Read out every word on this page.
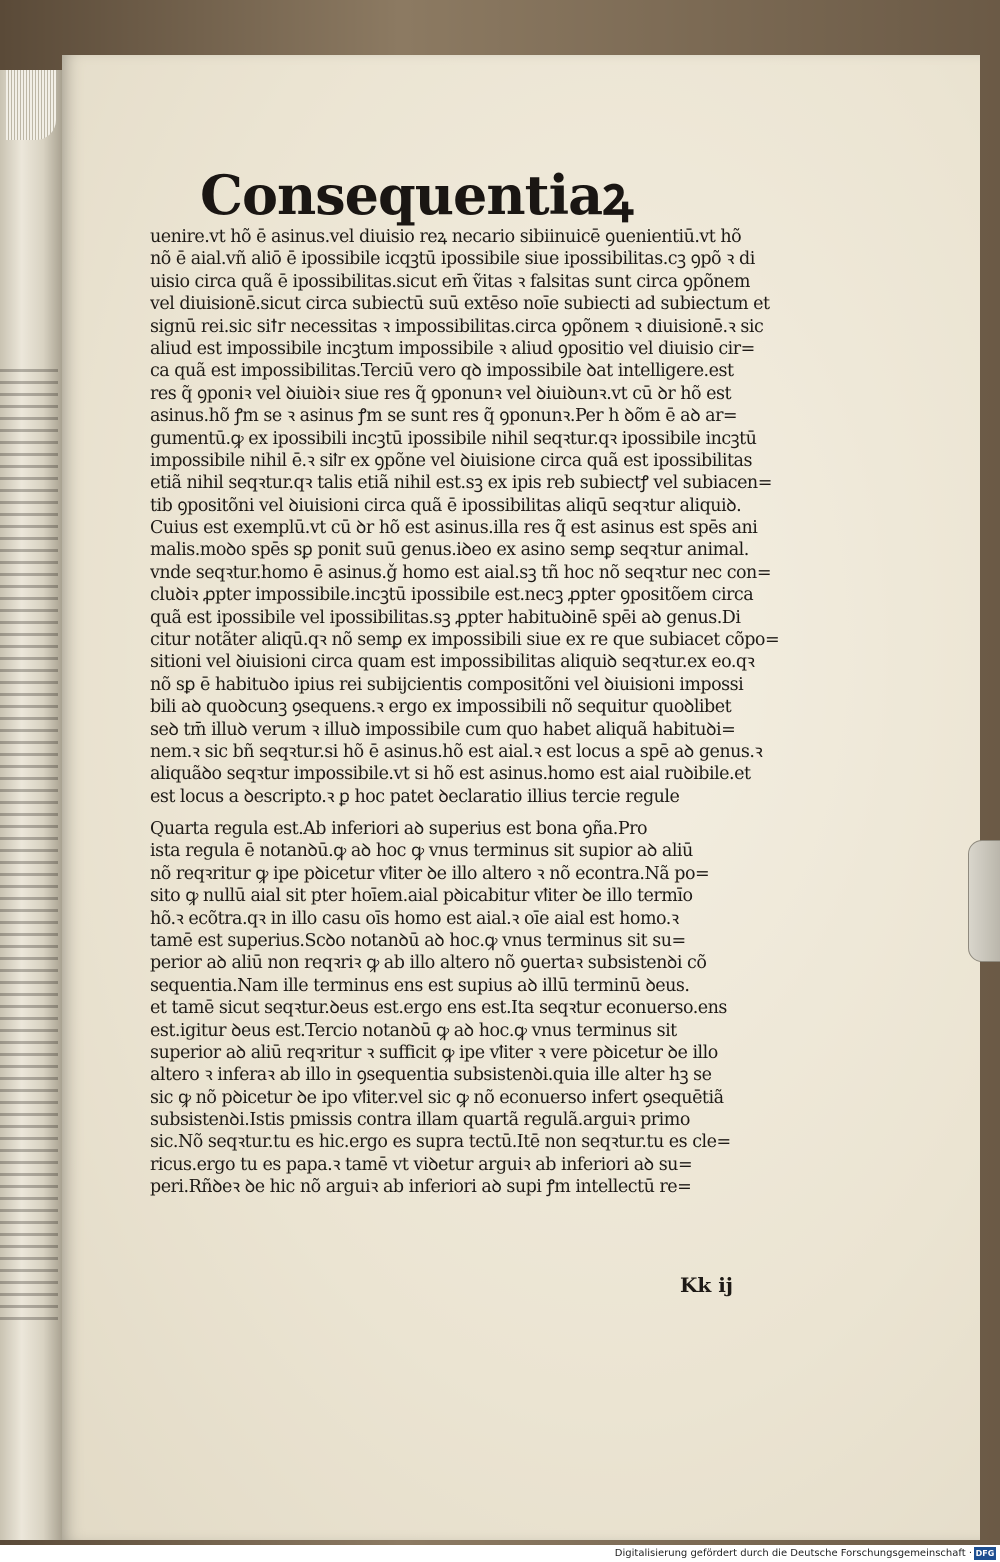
Consequentiaꝝ
uenire.vt hõ ē asinus.vel diuisio reꝝ necario sibiinuicē ꝯuenientiū.vt hõ
nõ ē aial.vñ aliō ē ipossibile icqꝫtū ipossibile siue ipossibilitas.cꝫ ꝯpõ ꝛ di
uisio circa quã ē ipossibilitas.sicut em̄ ṽitas ꝛ falsitas sunt circa ꝯpõnem
vel diuisionē.sicut circa subiectū suū extēso noīe subiecti ad subiectum et
signū rei.sic siꝉr necessitas ꝛ impossibilitas.circa ꝯpõnem ꝛ diuisionē.ꝛ sic
aliud est impossibile incꝫtum impossibile ꝛ aliud ꝯpositio vel diuisio cir=
ca quã est impossibilitas.Terciū vero qꝺ impossibile ꝺat intelligere.est
res q̃ ꝯponiꝛ vel ꝺiuiꝺiꝛ siue res q̃ ꝯponunꝛ vel ꝺiuiꝺunꝛ.vt cū ꝺr hõ est
asinus.hõ ꝭm se ꝛ asinus ꝭm se sunt res q̃ ꝯponunꝛ.Per h ꝺõm ē aꝺ ar=
gumentū.ꝙ ex ipossibili incꝫtū ipossibile nihil seqꝛtur.qꝛ ipossibile incꝫtū
impossibile nihil ē.ꝛ siꝉr ex ꝯpõne vel ꝺiuisione circa quã est ipossibilitas
etiã nihil seqꝛtur.qꝛ talis etiã nihil est.sꝫ ex ipis reb subiectꝭ vel subiacen=
tib ꝯpositõni vel ꝺiuisioni circa quã ē ipossibilitas aliqū seqꝛtur aliquiꝺ.
Cuius est exemplū.vt cū ꝺr hõ est asinus.illa res q̃ est asinus est spēs ani
malis.moꝺo spēs sꝑ ponit suū genus.iꝺeo ex asino semꝑ seqꝛtur animal.
vnde seqꝛtur.homo ē asinus.ǧ homo est aial.sꝫ tñ hoc nõ seqꝛtur nec con=
cluꝺiꝛ ꝓpter impossibile.incꝫtū ipossibile est.necꝫ ꝓpter ꝯpositõem circa
quã est ipossibile vel ipossibilitas.sꝫ ꝓpter habituꝺinē spēi aꝺ genus.Di
citur notãter aliqū.qꝛ nõ semꝑ ex impossibili siue ex re que subiacet cõpo=
sitioni vel ꝺiuisioni circa quam est impossibilitas aliquiꝺ seqꝛtur.ex eo.qꝛ
nõ sꝑ ē habituꝺo ipius rei subijcientis compositõni vel ꝺiuisioni impossi
bili aꝺ quoꝺcunꝫ ꝯsequens.ꝛ ergo ex impossibili nõ sequitur quoꝺlibet
seꝺ tm̄ illuꝺ verum ꝛ illuꝺ impossibile cum quo habet aliquã habituꝺi=
nem.ꝛ sic bñ seqꝛtur.si hõ ē asinus.hõ est aial.ꝛ est locus a spē aꝺ genus.ꝛ
aliquãꝺo seqꝛtur impossibile.vt si hõ est asinus.homo est aial ruꝺibile.et
est locus a ꝺescripto.ꝛ ꝑ hoc patet ꝺeclaratio illius tercie regule
Quarta regula est.Ab inferiori aꝺ superius est bona ꝯña.Pro
ista regula ē notanꝺū.ꝙ aꝺ hoc ꝙ vnus terminus sit supior aꝺ aliū
nõ reqꝛritur ꝙ ipe pꝺicetur vꝉiter ꝺe illo altero ꝛ nõ econtra.Nã po=
sito ꝙ nullū aial sit pter hoīem.aial pꝺicabitur vꝉiter ꝺe illo termīo
hõ.ꝛ ecõtra.qꝛ in illo casu oīs homo est aial.ꝛ oīe aial est homo.ꝛ
tamē est superius.Scꝺo notanꝺū aꝺ hoc.ꝙ vnus terminus sit su=
perior aꝺ aliū non reqꝛriꝛ ꝙ ab illo altero nõ ꝯuertaꝛ subsistenꝺi cõ
sequentia.Nam ille terminus ens est supius aꝺ illū terminū ꝺeus.
et tamē sicut seqꝛtur.ꝺeus est.ergo ens est.Ita seqꝛtur econuerso.ens
est.igitur ꝺeus est.Tercio notanꝺū ꝙ aꝺ hoc.ꝙ vnus terminus sit
superior aꝺ aliū reqꝛritur ꝛ sufficit ꝙ ipe vꝉiter ꝛ vere pꝺicetur ꝺe illo
altero ꝛ inferaꝛ ab illo in ꝯsequentia subsistenꝺi.quia ille alter hꝫ se
sic ꝙ nõ pꝺicetur ꝺe ipo vꝉiter.vel sic ꝙ nõ econuerso infert ꝯsequētiã
subsistenꝺi.Istis pmissis contra illam quartã regulã.arguiꝛ primo
sic.Nõ seqꝛtur.tu es hic.ergo es supra tectū.Itē non seqꝛtur.tu es cle=
ricus.ergo tu es papa.ꝛ tamē vt viꝺetur arguiꝛ ab inferiori aꝺ su=
peri.Rñꝺeꝛ ꝺe hic nõ arguiꝛ ab inferiori aꝺ supi ꝭm intellectū re=
Kk ij
Digitalisierung gefördert durch die Deutsche Forschungsgemeinschaft · DFG
